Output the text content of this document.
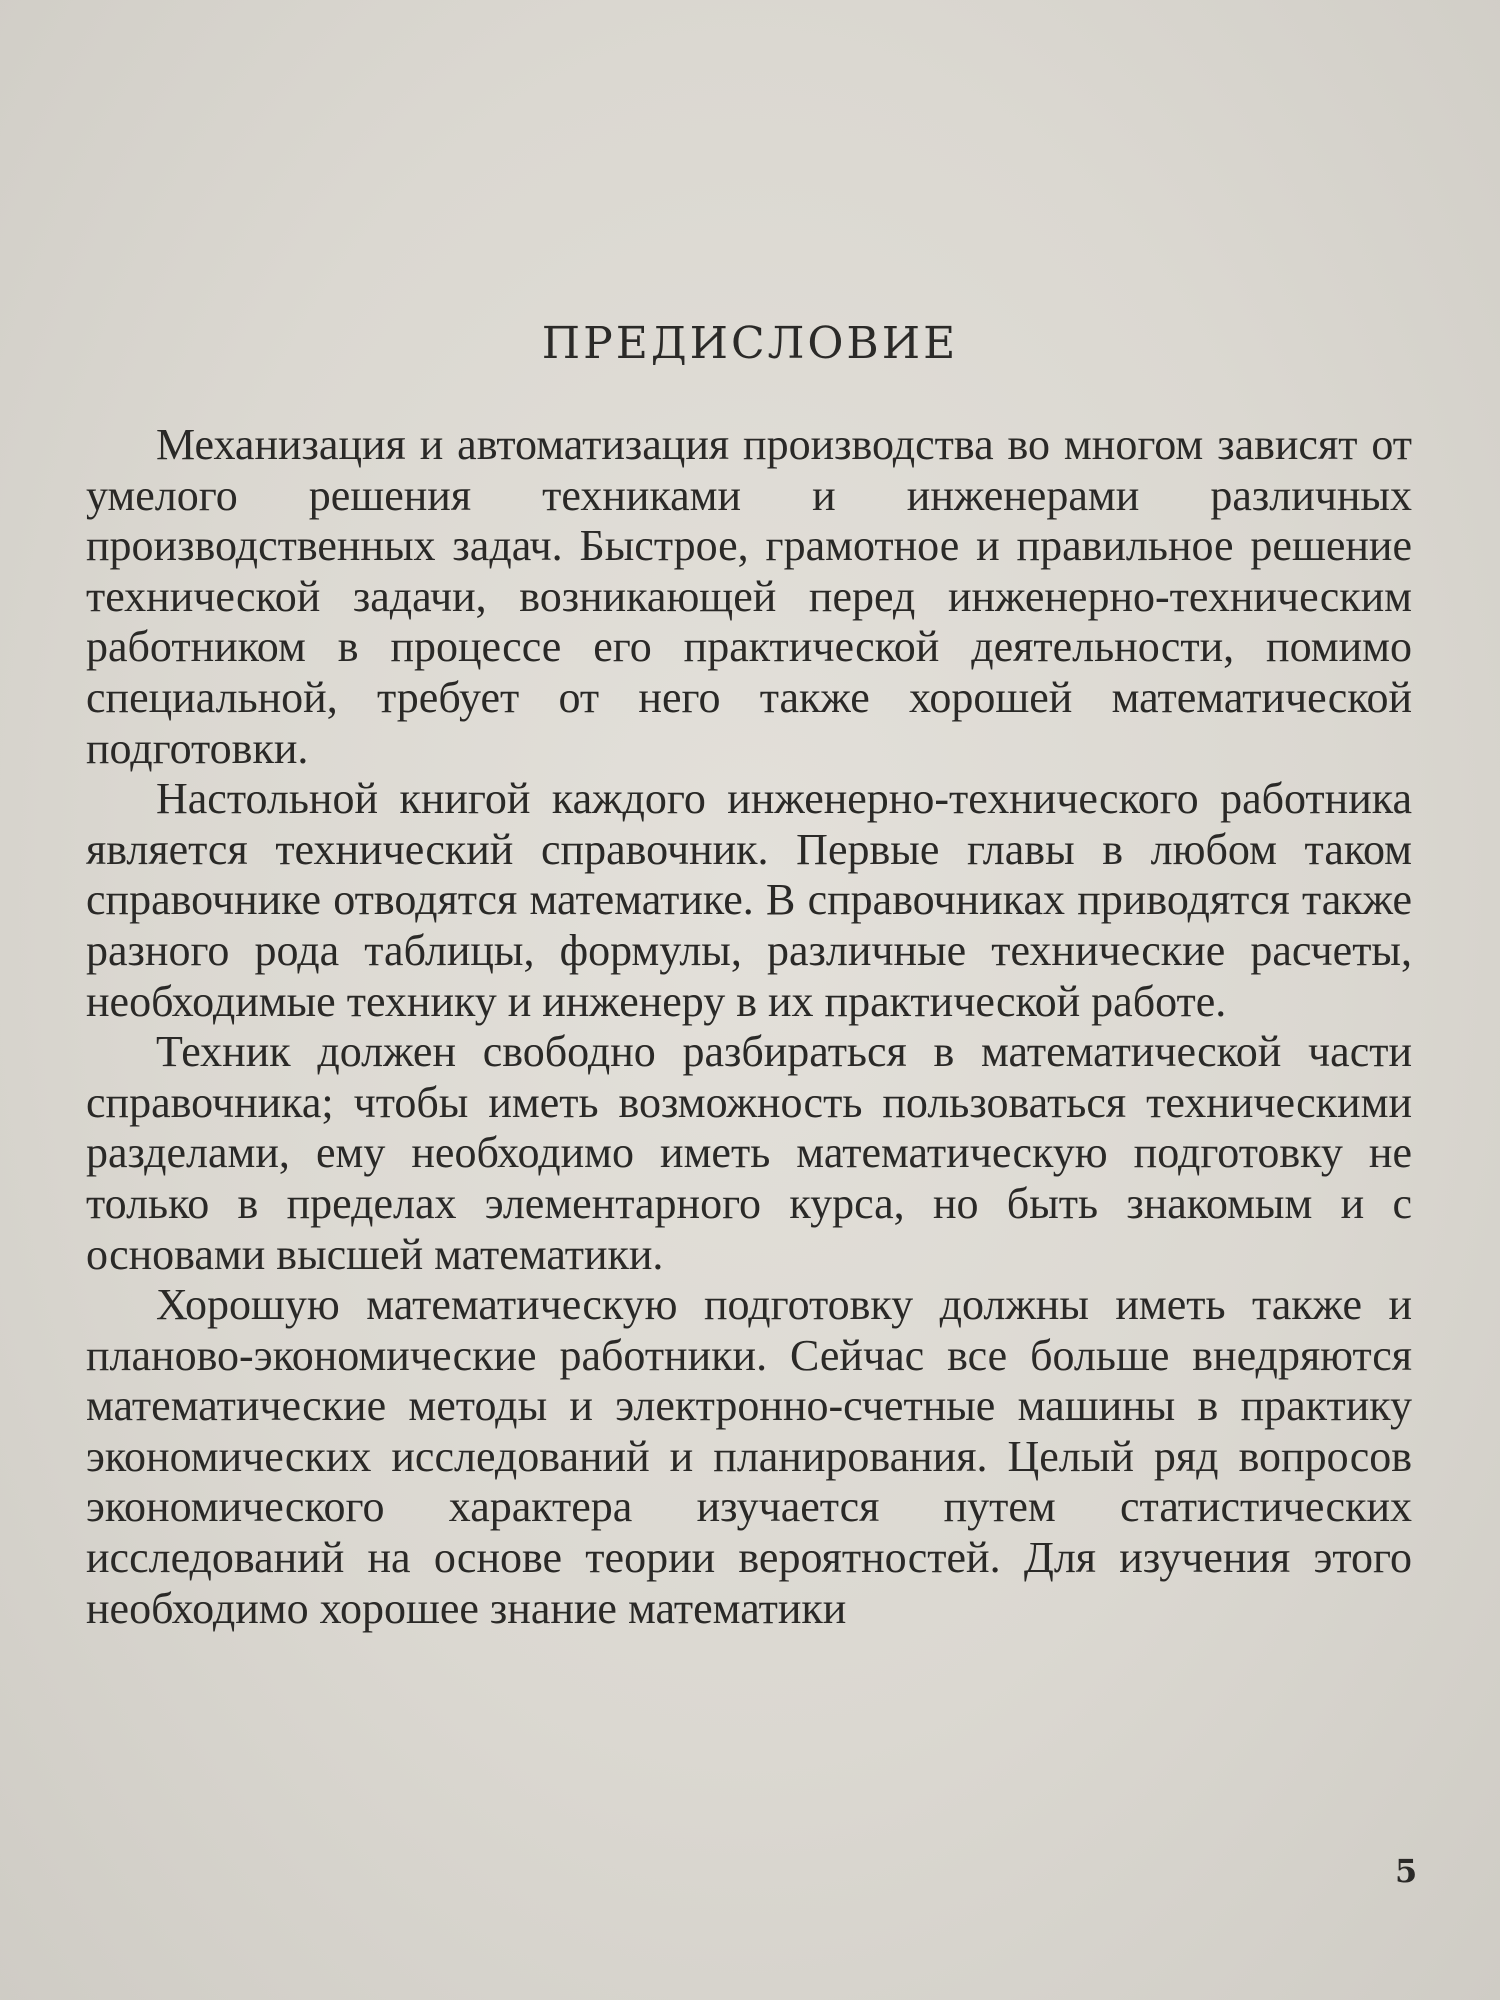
ПРЕДИСЛОВИЕ

Механизация и автоматизация производства во многом зависят от умелого решения техниками и инженерами различных производственных задач. Быстрое, грамотное и правильное решение технической задачи, возникающей перед инженерно-техническим работником в процессе его практической деятельности, помимо специальной, требует от него также хорошей математической подготовки.

Настольной книгой каждого инженерно-технического работника является технический справочник. Первые главы в любом таком справочнике отводятся математике. В справочниках приводятся также разного рода таблицы, формулы, различные технические расчеты, необходимые технику и инженеру в их практической работе.

Техник должен свободно разбираться в математической части справочника; чтобы иметь возможность пользоваться техническими разделами, ему необходимо иметь математическую подготовку не только в пределах элементарного курса, но быть знакомым и с основами высшей математики.

Хорошую математическую подготовку должны иметь также и планово-экономические работники. Сейчас все больше внедряются математические методы и электронно-счетные машины в практику экономических исследований и планирования. Целый ряд вопросов экономического характера изучается путем статистических исследований на основе теории вероятностей. Для изучения этого необходимо хорошее знание математики

5
